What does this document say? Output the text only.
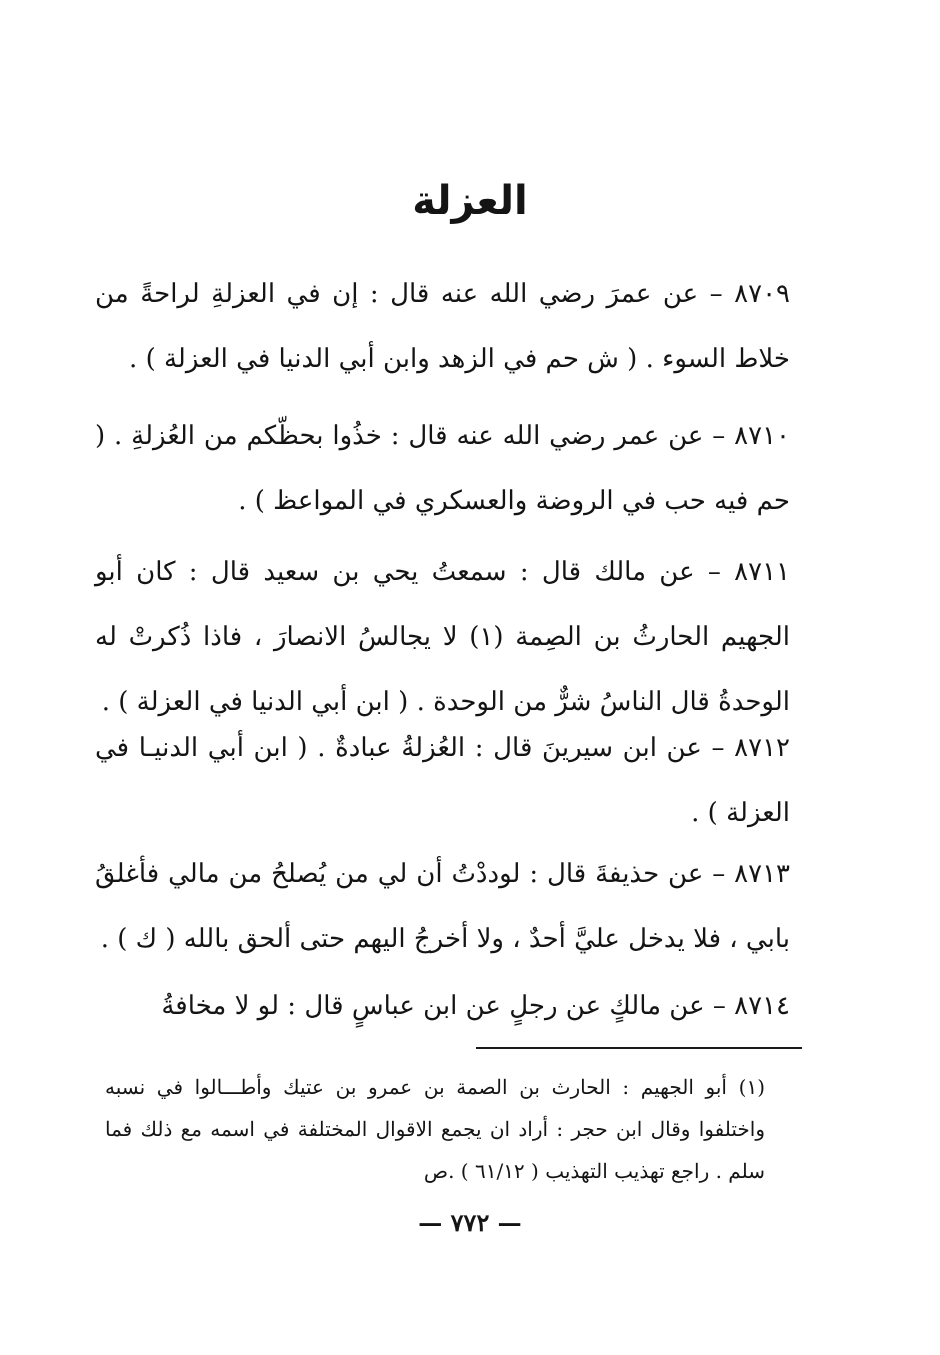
العزلة
٨٧٠٩ – عن عمرَ رضي الله عنه قال : إن في العزلةِ لراحةً من خلاط السوء . ( ش حم في الزهد وابن أبي الدنيا في العزلة ) .
٨٧١٠ – عن عمر رضي الله عنه قال : خذُوا بحظّكم من العُزلةِ . ( حم فيه حب في الروضة والعسكري في المواعظ ) .
٨٧١١ – عن مالك قال : سمعتُ يحي بن سعيد قال : كان أبو الجهيم الحارثُ بن الصِمة (١) لا يجالسُ الانصارَ ، فاذا ذُكرتْ له الوحدةُ قال الناسُ شرٌّ من الوحدة . ( ابن أبي الدنيا في العزلة ) .
٨٧١٢ – عن ابن سيرينَ قال : العُزلةُ عبادةٌ . ( ابن أبي الدنيـا في العزلة ) .
٨٧١٣ – عن حذيفةَ قال : لوددْتُ أن لي من يُصلحُ من مالي فأغلقُ بابي ، فلا يدخل عليَّ أحدٌ ، ولا أخرجُ اليهم حتى ألحق بالله ( ك ) .
٨٧١٤ – عن مالكٍ عن رجلٍ عن ابن عباسٍ قال : لو لا مخافةُ
(١) أبو الجهيم : الحارث بن الصمة بن عمرو بن عتيك وأطـــالوا في نسبه واختلفوا وقال ابن حجر : أراد ان يجمع الاقوال المختلفة في اسمه مع ذلك فما سلم . راجع تهذيب التهذيب ( ٦١/١٢ ) .ص
— ٧٧٢ —
